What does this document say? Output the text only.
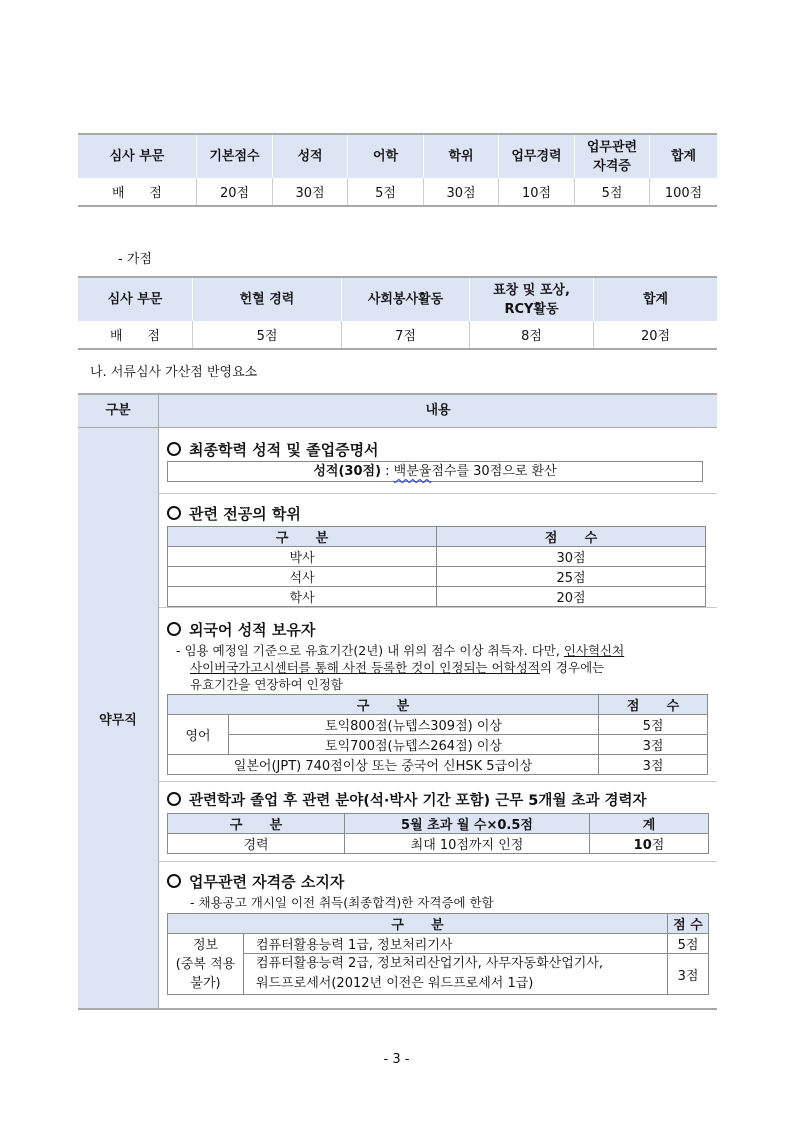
심사 부문	기본점수	성적	어학	학위	업무경력	업무관련
자격증	합계
배      점	20점	30점	5점	30점	10점	5점	100점
- 가점
심사 부문	헌혈 경력	사회봉사활동	표창 및 포상,
RCY활동	합계
배      점	5점	7점	8점	20점
나. 서류심사 가산점 반영요소
구분	내용
약무직
최종학력 성적 및 졸업증명서
성적(30점) : 백분율점수를 30점으로 환산
관련 전공의 학위
구      분	점      수
박사	30점
석사	25점
학사	20점
외국어 성적 보유자
- 임용 예정일 기준으로 유효기간(2년) 내 위의 점수 이상 취득자. 다만, 인사혁신처
사이버국가고시센터를 통해 사전 등록한 것이 인정되는 어학성적의 경우에는
유효기간을 연장하여 인정함
구      분		점      수
영어	토익800점(뉴텝스309점) 이상	5점
	토익700점(뉴텝스264점) 이상	3점
일본어(JPT) 740점이상 또는 중국어 신HSK 5급이상		3점
관련학과 졸업 후 관련 분야(석·박사 기간 포함) 근무 5개월 초과 경력자
구      분	5월 초과 월 수×0.5점	계
경력	최대 10점까지 인정	10점
업무관련 자격증 소지자
- 채용공고 개시일 이전 취득(최종합격)한 자격증에 한함
구      분		점 수

정보
(중복 적용
불가)	컴퓨터활용능력 1급, 정보처리기사	5점

	컴퓨터활용능력 2급, 정보처리산업기사, 사무자동화산업기사,
워드프로세서(2012년 이전은 워드프로세서 1급)	3점
- 3 -
